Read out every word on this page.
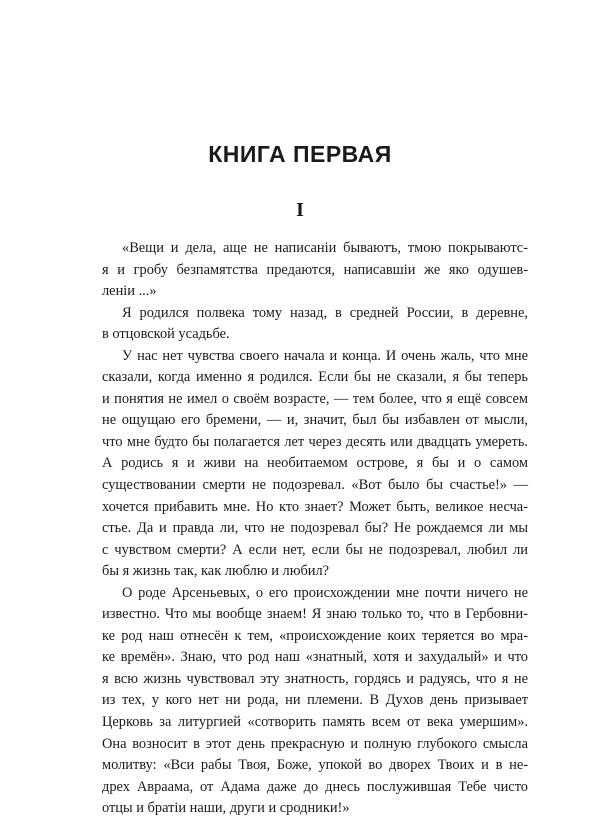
КНИГА ПЕРВАЯ
I
«Вещи и дела, аще не написаніи бываютъ, тмою покрываютс-
я и гробу безпамятства предаются, написавшіи же яко одушев-
леніи ...»
Я родился полвека тому назад, в средней России, в деревне,
в отцовской усадьбе.
У нас нет чувства своего начала и конца. И очень жаль, что мне
сказали, когда именно я родился. Если бы не сказали, я бы теперь
и понятия не имел о своём возрасте, — тем более, что я ещё совсем
не ощущаю его бремени, — и, значит, был бы избавлен от мысли,
что мне будто бы полагается лет через десять или двадцать умереть.
А родись я и живи на необитаемом острове, я бы и о самом
существовании смерти не подозревал. «Вот было бы счастье!» —
хочется прибавить мне. Но кто знает? Может быть, великое несча-
стье. Да и правда ли, что не подозревал бы? Не рождаемся ли мы
с чувством смерти? А если нет, если бы не подозревал, любил ли
бы я жизнь так, как люблю и любил?
О роде Арсеньевых, о его происхождении мне почти ничего не
известно. Что мы вообще знаем! Я знаю только то, что в Гербовни-
ке род наш отнесён к тем, «происхождение коих теряется во мра-
ке времён». Знаю, что род наш «знатный, хотя и захудалый» и что
я всю жизнь чувствовал эту знатность, гордясь и радуясь, что я не
из тех, у кого нет ни рода, ни племени. В Духов день призывает
Церковь за литургией «сотворить память всем от века умершим».
Она возносит в этот день прекрасную и полную глубокого смысла
молитву: «Вси рабы Твоя, Боже, упокой во дворех Твоих и в не-
дрех Авраама, от Адама даже до днесь послужившая Тебе чисто
отцы и братіи наши, други и сродники!»
